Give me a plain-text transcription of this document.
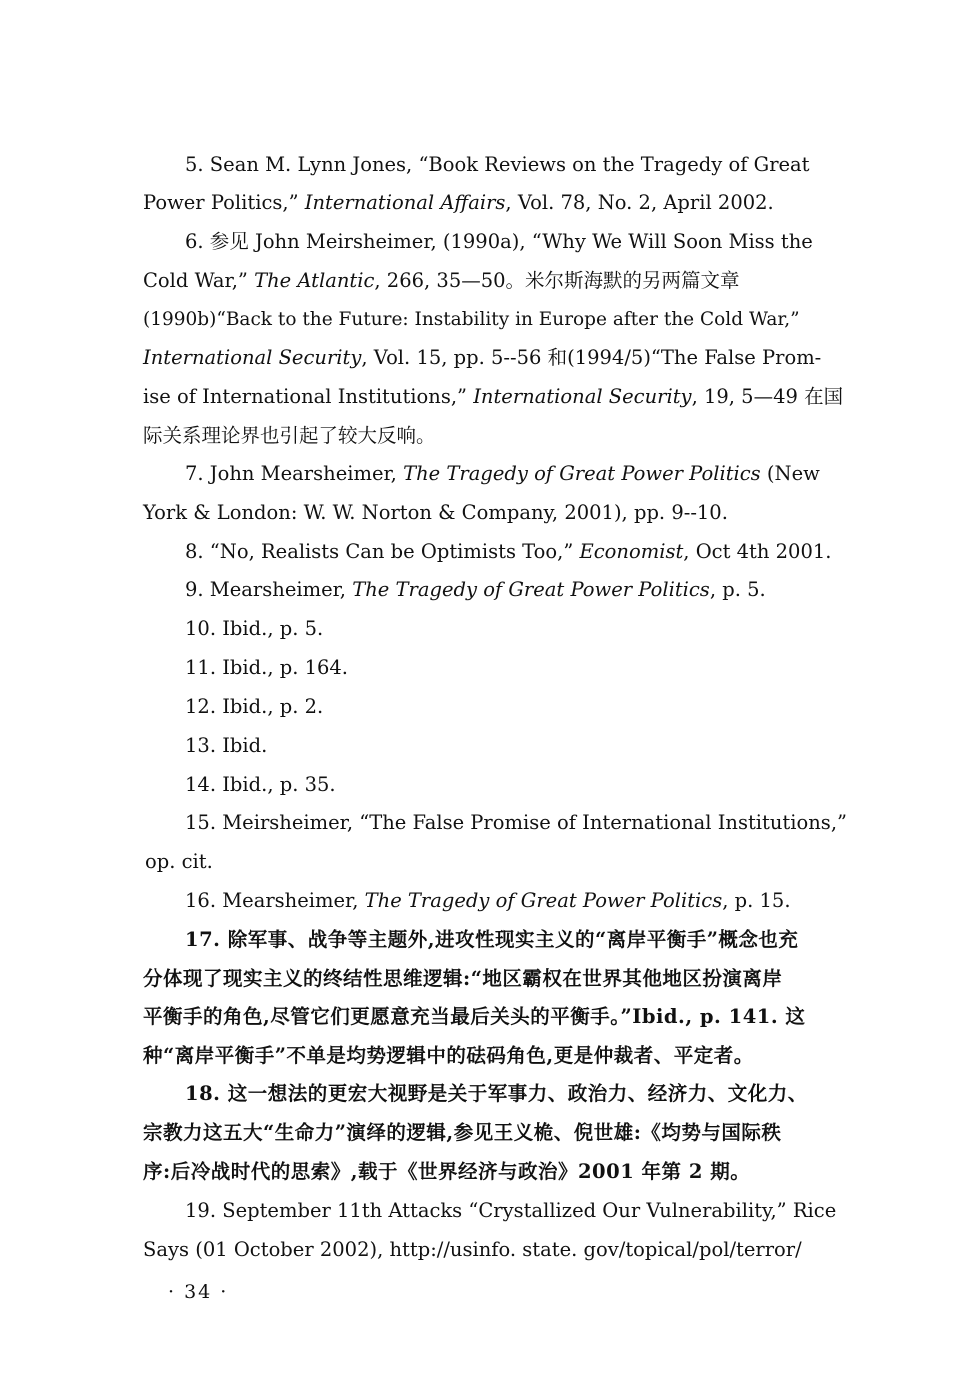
5. Sean M. Lynn Jones, “Book Reviews on the Tragedy of Great
Power Politics,” International Affairs, Vol. 78, No. 2, April 2002.
6. 参见 John Meirsheimer, (1990a), “Why We Will Soon Miss the
Cold War,” The Atlantic, 266, 35—50。米尔斯海默的另两篇文章
(1990b)“Back to the Future: Instability in Europe after the Cold War,”
International Security, Vol. 15, pp. 5--56 和(1994/5)“The False Prom-
ise of International Institutions,” International Security, 19, 5—49 在国
际关系理论界也引起了较大反响。
7. John Mearsheimer, The Tragedy of Great Power Politics (New
York & London: W. W. Norton & Company, 2001), pp. 9--10.
8. “No, Realists Can be Optimists Too,” Economist, Oct 4th 2001.
9. Mearsheimer, The Tragedy of Great Power Politics, p. 5.
10. Ibid., p. 5.
11. Ibid., p. 164.
12. Ibid., p. 2.
13. Ibid.
14. Ibid., p. 35.
15. Meirsheimer, “The False Promise of International Institutions,”
op. cit.
16. Mearsheimer, The Tragedy of Great Power Politics, p. 15.
17. 除军事、战争等主题外,进攻性现实主义的“离岸平衡手”概念也充
分体现了现实主义的终结性思维逻辑:“地区霸权在世界其他地区扮演离岸
平衡手的角色,尽管它们更愿意充当最后关头的平衡手。”Ibid., p. 141. 这
种“离岸平衡手”不单是均势逻辑中的砝码角色,更是仲裁者、平定者。
18. 这一想法的更宏大视野是关于军事力、政治力、经济力、文化力、
宗教力这五大“生命力”演绎的逻辑,参见王义桅、倪世雄:《均势与国际秩
序:后冷战时代的思索》,载于《世界经济与政治》2001 年第 2 期。
19. September 11th Attacks “Crystallized Our Vulnerability,” Rice
Says (01 October 2002), http://usinfo. state. gov/topical/pol/terror/
· 34 ·
